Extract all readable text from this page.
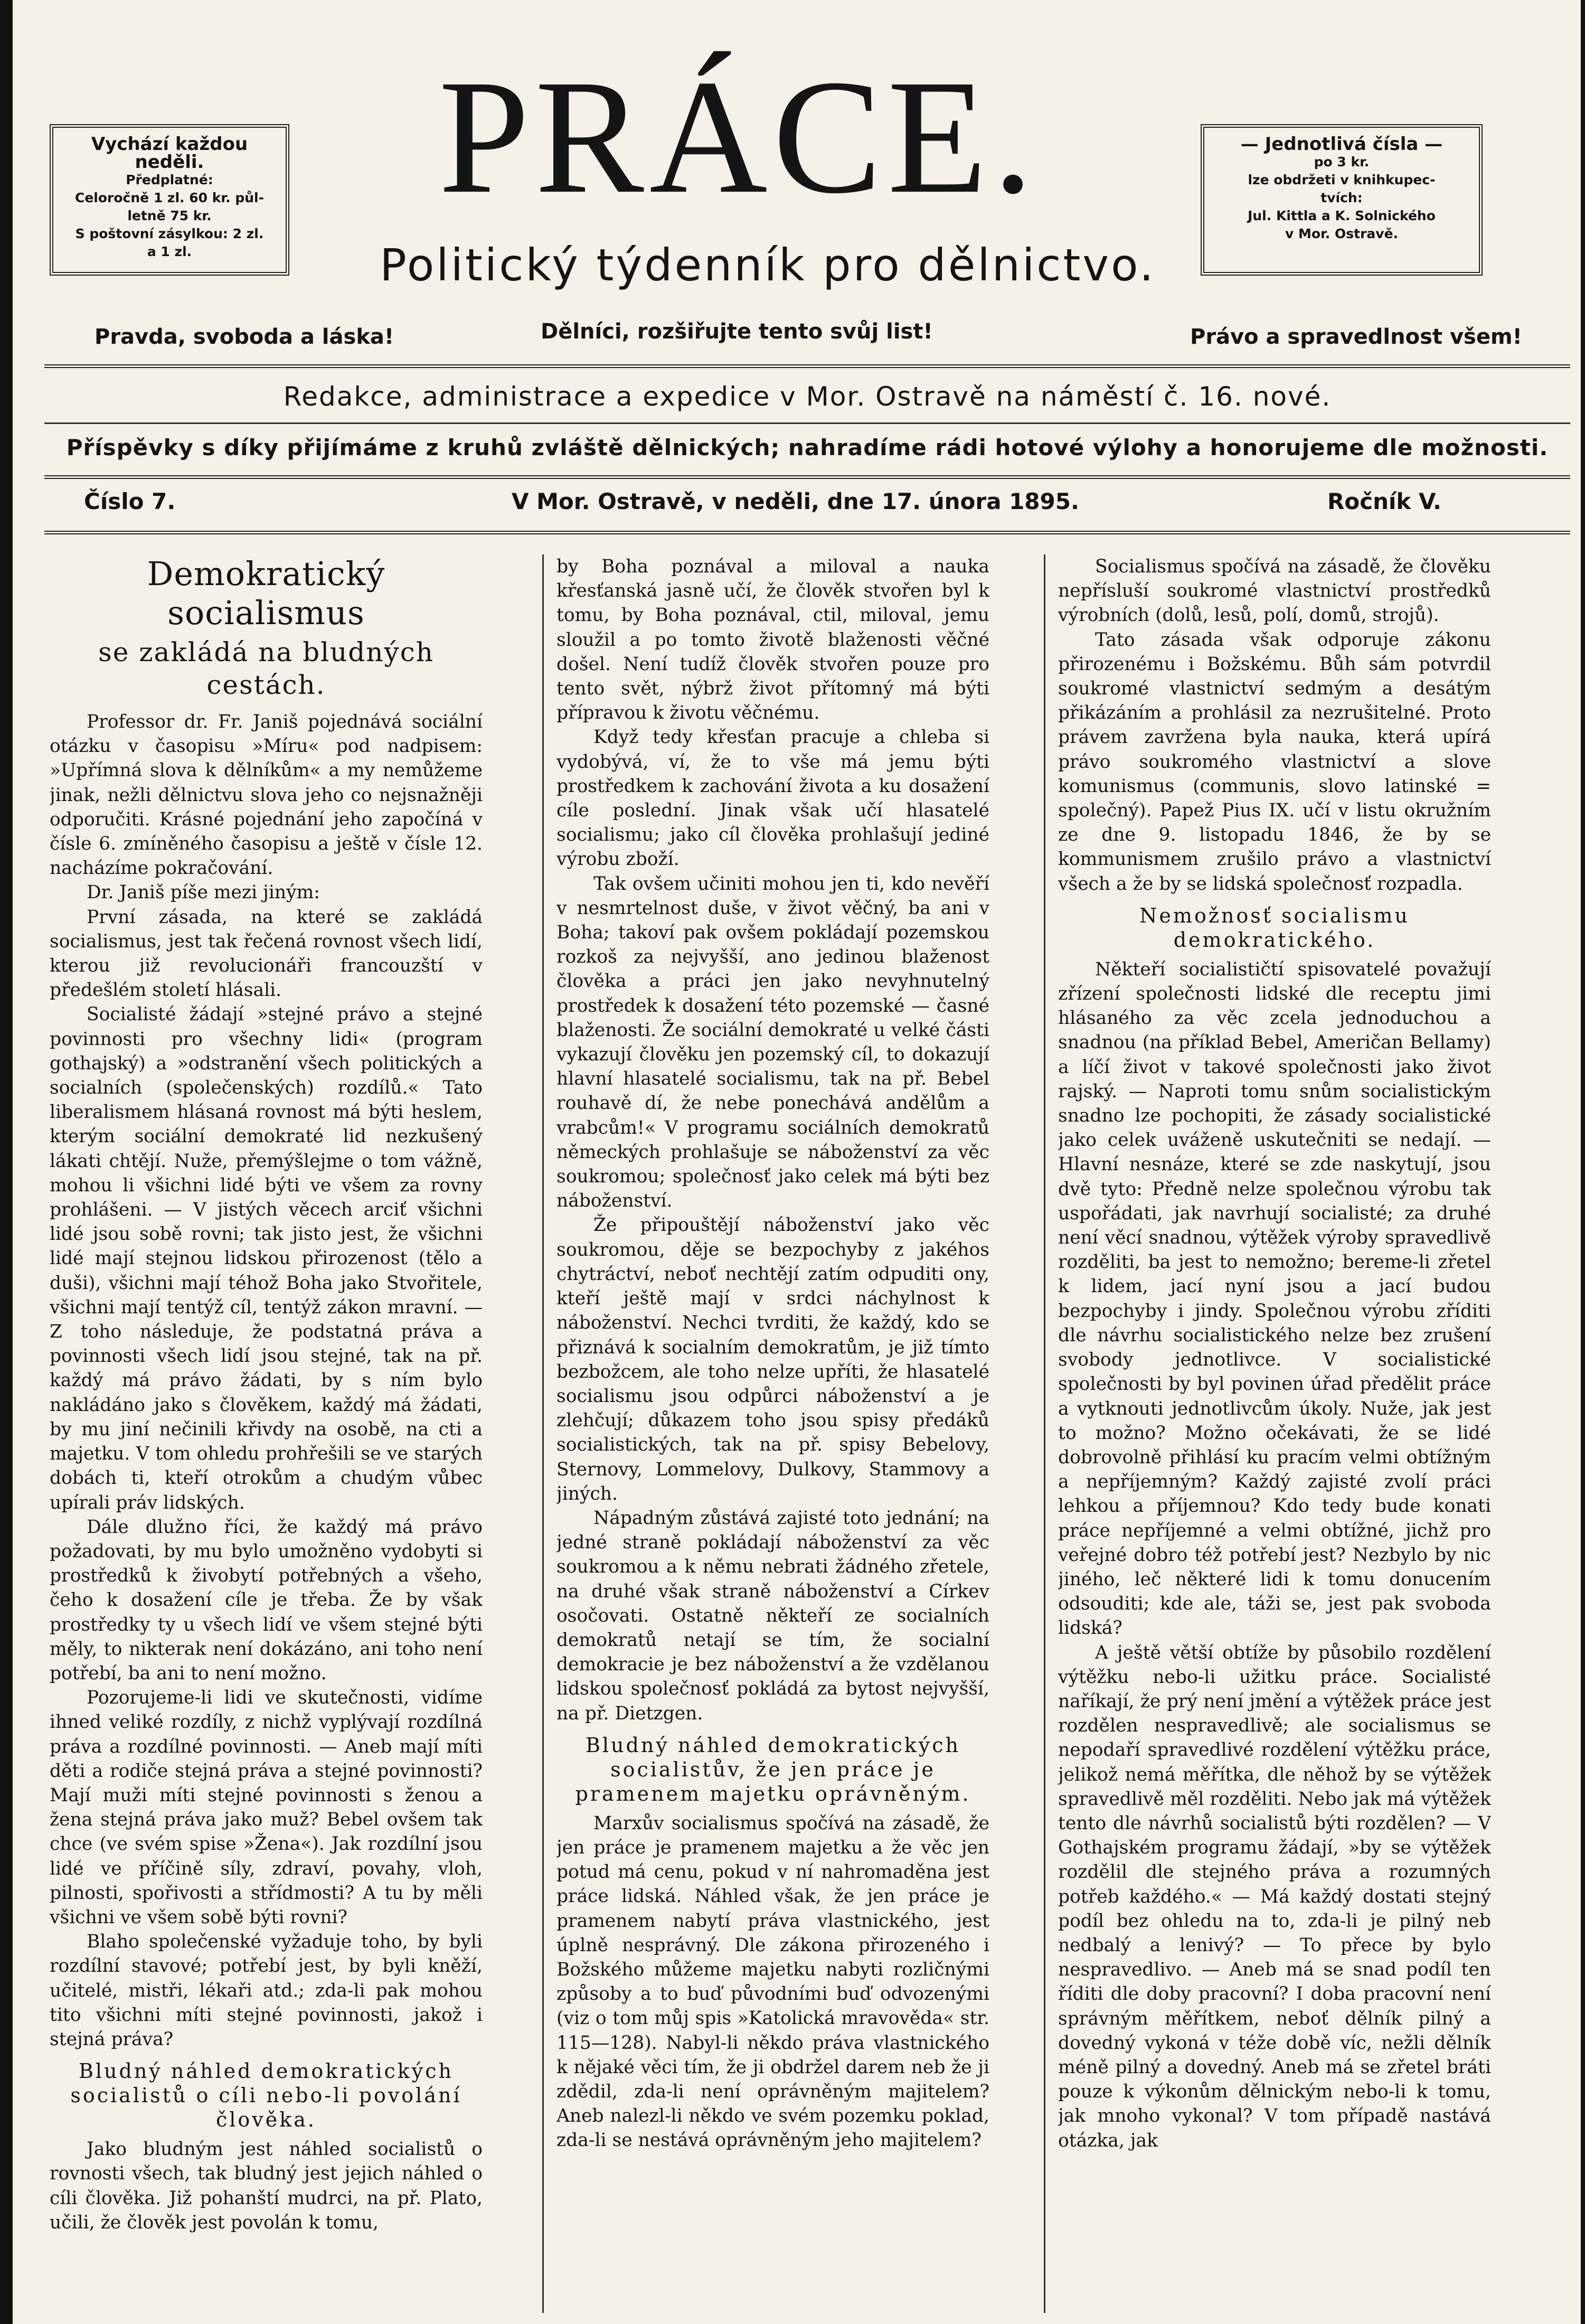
Vychází každou neděli.
Předplatné:
Celoročně 1 zl. 60 kr. půl-
letně 75 kr.
S poštovní zásylkou: 2 zl.
a 1 zl.
PRÁCE.
Politický týdenník pro dělnictvo.
— Jednotlivá čísla —
po 3 kr.
lze obdržeti v knihkupec-
tvích:
Jul. Kittla a K. Solnického
v Mor. Ostravě.
Pravda, svoboda a láska!	Dělníci, rozšiřujte tento svůj list!	Právo a spravedlnost všem!
Redakce, administrace a expedice v Mor. Ostravě na náměstí č. 16. nové.
Příspěvky s díky přijímáme z kruhů zvláště dělnických; nahradíme rádi hotové výlohy a honorujeme dle možnosti.
Číslo 7.	V Mor. Ostravě, v neděli, dne 17. února 1895.	Ročník V.
Demokratický socialismus
se zakládá na bludných cestách.

Professor dr. Fr. Janiš pojednává sociální otázku v časopisu »Míru« pod nadpisem: »Upřímná slova k dělníkům« a my nemůžeme jinak, nežli dělnictvu slova jeho co nejsnažněji odporučiti. Krásné pojednání jeho započíná v čísle 6. zmíněného časopisu a ještě v čísle 12. nacházíme pokračování.

Dr. Janiš píše mezi jiným:

První zásada, na které se zakládá socialismus, jest tak řečená rovnost všech lidí, kterou již revolucionáři francouzští v předešlém století hlásali.

Socialisté žádají »stejné právo a stejné povinnosti pro všechny lidi« (program gothajský) a »odstranění všech politických a socialních (společenských) rozdílů.« Tato liberalismem hlásaná rovnost má býti heslem, kterým sociální demokraté lid nezkušený lákati chtějí. Nuže, přemýšlejme o tom vážně, mohou li všichni lidé býti ve všem za rovny prohlášeni. — V jistých věcech arciť všichni lidé jsou sobě rovni; tak jisto jest, že všichni lidé mají stejnou lidskou přirozenost (tělo a duši), všichni mají téhož Boha jako Stvořitele, všichni mají tentýž cíl, tentýž zákon mravní. — Z toho následuje, že podstatná práva a povinnosti všech lidí jsou stejné, tak na př. každý má právo žádati, by s ním bylo nakládáno jako s člověkem, každý má žádati, by mu jiní nečinili křivdy na osobě, na cti a majetku. V tom ohledu prohřešili se ve starých dobách ti, kteří otrokům a chudým vůbec upírali práv lidských.

Dále dlužno říci, že každý má právo požadovati, by mu bylo umožněno vydobyti si prostředků k živobytí potřebných a všeho, čeho k dosažení cíle je třeba. Že by však prostředky ty u všech lidí ve všem stejné býti měly, to nikterak není dokázáno, ani toho není potřebí, ba ani to není možno.

Pozorujeme-li lidi ve skutečnosti, vidíme ihned veliké rozdíly, z nichž vyplývají rozdílná práva a rozdílné povinnosti. — Aneb mají míti děti a rodiče stejná práva a stejné povinnosti? Mají muži míti stejné povinnosti s ženou a žena stejná práva jako muž? Bebel ovšem tak chce (ve svém spise »Žena«). Jak rozdílní jsou lidé ve příčině síly, zdraví, povahy, vloh, pilnosti, spořivosti a střídmosti? A tu by měli všichni ve všem sobě býti rovni?

Blaho společenské vyžaduje toho, by byli rozdílní stavové; potřebí jest, by byli kněží, učitelé, mistři, lékaři atd.; zda-li pak mohou tito všichni míti stejné povinnosti, jakož i stejná práva?

Bludný náhled demokratických socialistů o cíli nebo-li povolání člověka.

Jako bludným jest náhled socialistů o rovnosti všech, tak bludný jest jejich náhled o cíli člověka. Již pohanští mudrci, na př. Plato, učili, že člověk jest povolán k tomu,

by Boha poznával a miloval a nauka křesťanská jasně učí, že člověk stvořen byl k tomu, by Boha poznával, ctil, miloval, jemu sloužil a po tomto životě blaženosti věčné došel. Není tudíž člověk stvořen pouze pro tento svět, nýbrž život přítomný má býti přípravou k životu věčnému.

Když tedy křesťan pracuje a chleba si vydobývá, ví, že to vše má jemu býti prostředkem k zachování života a ku dosažení cíle poslední. Jinak však učí hlasatelé socialismu; jako cíl člověka prohlašují jediné výrobu zboží.

Tak ovšem učiniti mohou jen ti, kdo nevěří v nesmrtelnost duše, v život věčný, ba ani v Boha; takoví pak ovšem pokládají pozemskou rozkoš za nejvyšší, ano jedinou blaženost člověka a práci jen jako nevyhnutelný prostředek k dosažení této pozemské — časné blaženosti. Že sociální demokraté u velké části vykazují člověku jen pozemský cíl, to dokazují hlavní hlasatelé socialismu, tak na př. Bebel rouhavě dí, že nebe ponechává andělům a vrabcům!« V programu sociálních demokratů německých prohlašuje se náboženství za věc soukromou; společnosť jako celek má býti bez náboženství.

Že připouštějí náboženství jako věc soukromou, děje se bezpochyby z jakéhos chytráctví, neboť nechtějí zatím odpuditi ony, kteří ještě mají v srdci náchylnost k náboženství. Nechci tvrditi, že každý, kdo se přiznává k socialním demokratům, je již tímto bezbožcem, ale toho nelze upříti, že hlasatelé socialismu jsou odpůrci náboženství a je zlehčují; důkazem toho jsou spisy předáků socialistických, tak na př. spisy Bebelovy, Sternovy, Lommelovy, Dulkovy, Stammovy a jiných.

Nápadným zůstává zajisté toto jednání; na jedné straně pokládají náboženství za věc soukromou a k němu nebrati žádného zřetele, na druhé však straně náboženství a Církev osočovati. Ostatně někteří ze socialních demokratů netají se tím, že socialní demokracie je bez náboženství a že vzdělanou lidskou společnosť pokládá za bytost nejvyšší, na př. Dietzgen.

Bludný náhled demokratických socialistův, že jen práce je pramenem majetku oprávněným.

Marxův socialismus spočívá na zásadě, že jen práce je pramenem majetku a že věc jen potud má cenu, pokud v ní nahromaděna jest práce lidská. Náhled však, že jen práce je pramenem nabytí práva vlastnického, jest úplně nesprávný. Dle zákona přirozeného i Božského můžeme majetku nabyti rozličnými způsoby a to buď původními buď odvozenými (viz o tom můj spis »Katolická mravověda« str. 115—128). Nabyl-li někdo práva vlastnického k nějaké věci tím, že ji obdržel darem neb že ji zdědil, zda-li není oprávněným majitelem? Aneb nalezl-li někdo ve svém pozemku poklad, zda-li se nestává oprávněným jeho majitelem?

Socialismus spočívá na zásadě, že člověku nepřísluší soukromé vlastnictví prostředků výrobních (dolů, lesů, polí, domů, strojů).

Tato zásada však odporuje zákonu přirozenému i Božskému. Bůh sám potvrdil soukromé vlastnictví sedmým a desátým přikázáním a prohlásil za nezrušitelné. Proto právem zavržena byla nauka, která upírá právo soukromého vlastnictví a slove komunismus (communis, slovo latinské = společný). Papež Pius IX. učí v listu okružním ze dne 9. listopadu 1846, že by se kommunismem zrušilo právo a vlastnictví všech a že by se lidská společnosť rozpadla.

Nemožnosť socialismu demokratického.

Někteří socialističtí spisovatelé považují zřízení společnosti lidské dle receptu jimi hlásaného za věc zcela jednoduchou a snadnou (na příklad Bebel, Američan Bellamy) a líčí život v takové společnosti jako život rajský. — Naproti tomu snům socialistickým snadno lze pochopiti, že zásady socialistické jako celek uváženě uskutečniti se nedají. — Hlavní nesnáze, které se zde naskytují, jsou dvě tyto: Předně nelze společnou výrobu tak uspořádati, jak navrhují socialisté; za druhé není věcí snadnou, výtěžek výroby spravedlivě rozděliti, ba jest to nemožno; bereme-li zřetel k lidem, jací nyní jsou a jací budou bezpochyby i jindy. Společnou výrobu zříditi dle návrhu socialistického nelze bez zrušení svobody jednotlivce. V socialistické společnosti by byl povinen úřad předělit práce a vytknouti jednotlivcům úkoly. Nuže, jak jest to možno? Možno očekávati, že se lidé dobrovolně přihlásí ku pracím velmi obtížným a nepříjemným? Každý zajisté zvolí práci lehkou a příjemnou? Kdo tedy bude konati práce nepříjemné a velmi obtížné, jichž pro veřejné dobro též potřebí jest? Nezbylo by nic jiného, leč některé lidi k tomu donucením odsouditi; kde ale, táži se, jest pak svoboda lidská?

A ještě větší obtíže by působilo rozdělení výtěžku nebo-li užitku práce. Socialisté naříkají, že prý není jmění a výtěžek práce jest rozdělen nespravedlivě; ale socialismus se nepodaří spravedlivé rozdělení výtěžku práce, jelikož nemá měřítka, dle něhož by se výtěžek spravedlivě měl rozděliti. Nebo jak má výtěžek tento dle návrhů socialistů býti rozdělen? — V Gothajském programu žádají, »by se výtěžek rozdělil dle stejného práva a rozumných potřeb každého.« — Má každý dostati stejný podíl bez ohledu na to, zda-li je pilný neb nedbalý a lenivý? — To přece by bylo nespravedlivo. — Aneb má se snad podíl ten říditi dle doby pracovní? I doba pracovní není správným měřítkem, neboť dělník pilný a dovedný vykoná v téže době víc, nežli dělník méně pilný a dovedný. Aneb má se zřetel bráti pouze k výkonům dělnickým nebo-li k tomu, jak mnoho vykonal? V tom případě nastává otázka, jak
